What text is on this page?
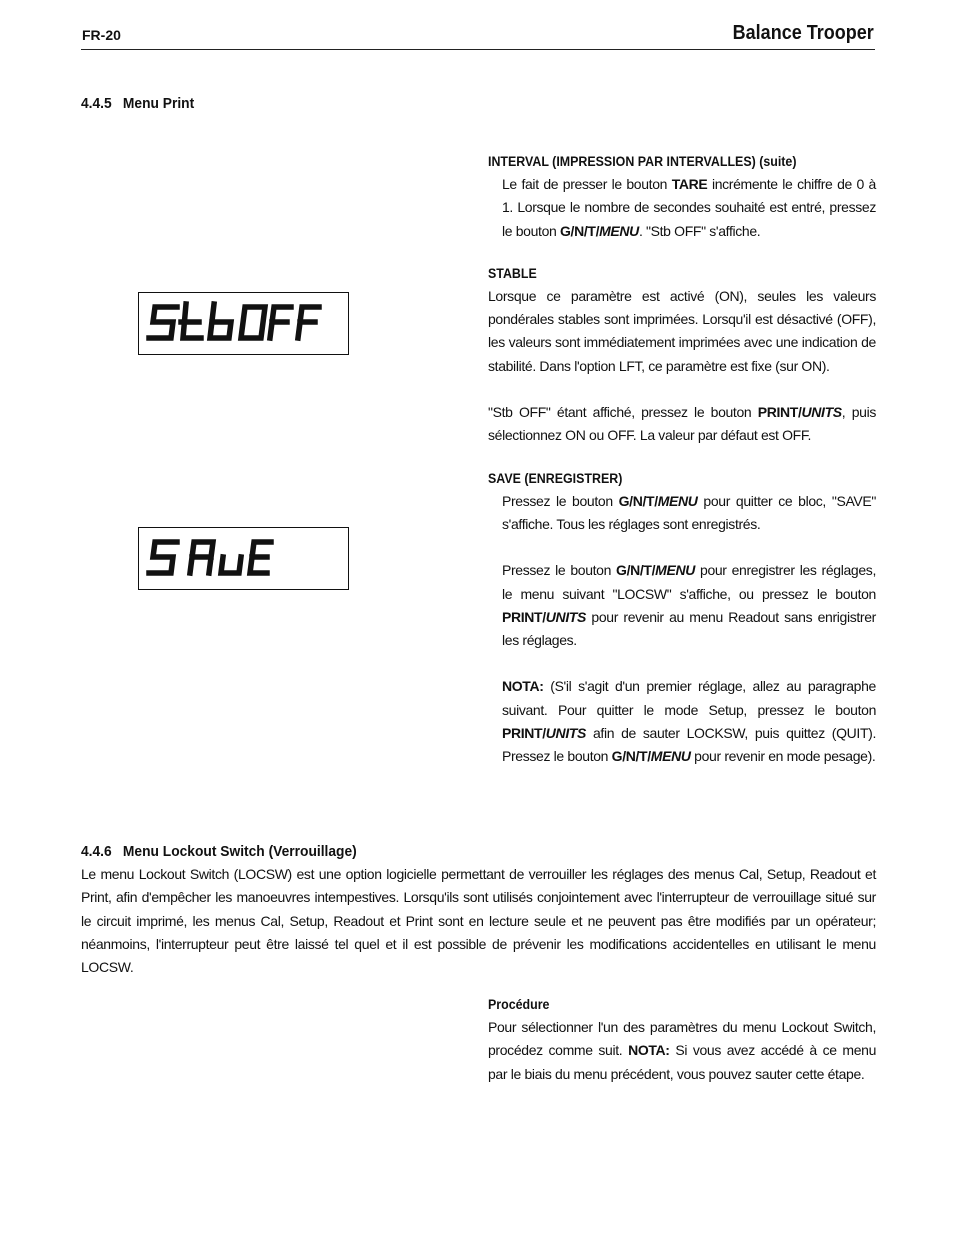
FR-20	Balance Trooper
4.4.5 Menu Print
INTERVAL (IMPRESSION PAR INTERVALLES) (suite)
Le fait de presser le bouton TARE incrémente le chiffre de 0 à 1. Lorsque le nombre de secondes souhaité est entré, pressez le bouton G/N/T/MENU. "Stb OFF" s'affiche.
STABLE
Lorsque ce paramètre est activé (ON), seules les valeurs pondérales stables sont imprimées. Lorsqu'il est désactivé (OFF), les valeurs sont immédiatement imprimées avec une indication de stabilité. Dans l'option LFT, ce paramètre est fixe (sur ON).
"Stb OFF" étant affiché, pressez le bouton PRINT/UNITS, puis sélectionnez ON ou OFF. La valeur par défaut est OFF.
SAVE (ENREGISTRER)
Pressez le bouton G/N/T/MENU pour quitter ce bloc, "SAVE" s'affiche. Tous les réglages sont enregistrés.
Pressez le bouton G/N/T/MENU pour enregistrer les réglages, le menu suivant "LOCSW" s'affiche, ou pressez le bouton PRINT/UNITS pour revenir au menu Readout sans enrigistrer les réglages.
NOTA: (S'il s'agit d'un premier réglage, allez au paragraphe suivant. Pour quitter le mode Setup, pressez le bouton PRINT/UNITS afin de sauter LOCKSW, puis quittez (QUIT). Pressez le bouton G/N/T/MENU pour revenir en mode pesage).
4.4.6 Menu Lockout Switch (Verrouillage)
Le menu Lockout Switch (LOCSW) est une option logicielle permettant de verrouiller les réglages des menus Cal, Setup, Readout et Print, afin d'empêcher les manoeuvres intempestives. Lorsqu'ils sont utilisés conjointement avec l'interrupteur de verrouillage situé sur le circuit imprimé, les menus Cal, Setup, Readout et Print sont en lecture seule et ne peuvent pas être modifiés par un opérateur; néanmoins, l'interrupteur peut être laissé tel quel et il est possible de prévenir les modifications accidentelles en utilisant le menu LOCSW.
Procédure
Pour sélectionner l'un des paramètres du menu Lockout Switch, procédez comme suit. NOTA: Si vous avez accédé à ce menu par le biais du menu précédent, vous pouvez sauter cette étape.
